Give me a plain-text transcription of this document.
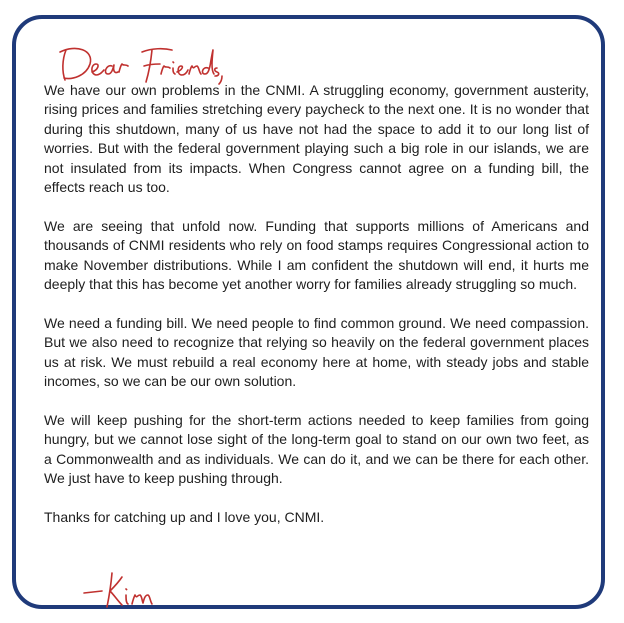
We have our own problems in the CNMI. A struggling economy, government austerity, rising prices and families stretching every paycheck to the next one. It is no wonder that during this shutdown, many of us have not had the space to add it to our long list of worries. But with the federal government playing such a big role in our islands, we are not insulated from its impacts. When Congress cannot agree on a funding bill, the effects reach us too.

We are seeing that unfold now. Funding that supports millions of Americans and thousands of CNMI residents who rely on food stamps requires Congressional action to make November distributions. While I am confident the shutdown will end, it hurts me deeply that this has become yet another worry for families already struggling so much.

We need a funding bill. We need people to find common ground. We need compassion. But we also need to recognize that relying so heavily on the federal government places us at risk. We must rebuild a real economy here at home, with steady jobs and stable incomes, so we can be our own solution.

We will keep pushing for the short-term actions needed to keep families from going hungry, but we cannot lose sight of the long-term goal to stand on our own two feet, as a Commonwealth and as individuals. We can do it, and we can be there for each other. We just have to keep pushing through.

Thanks for catching up and I love you, CNMI.
